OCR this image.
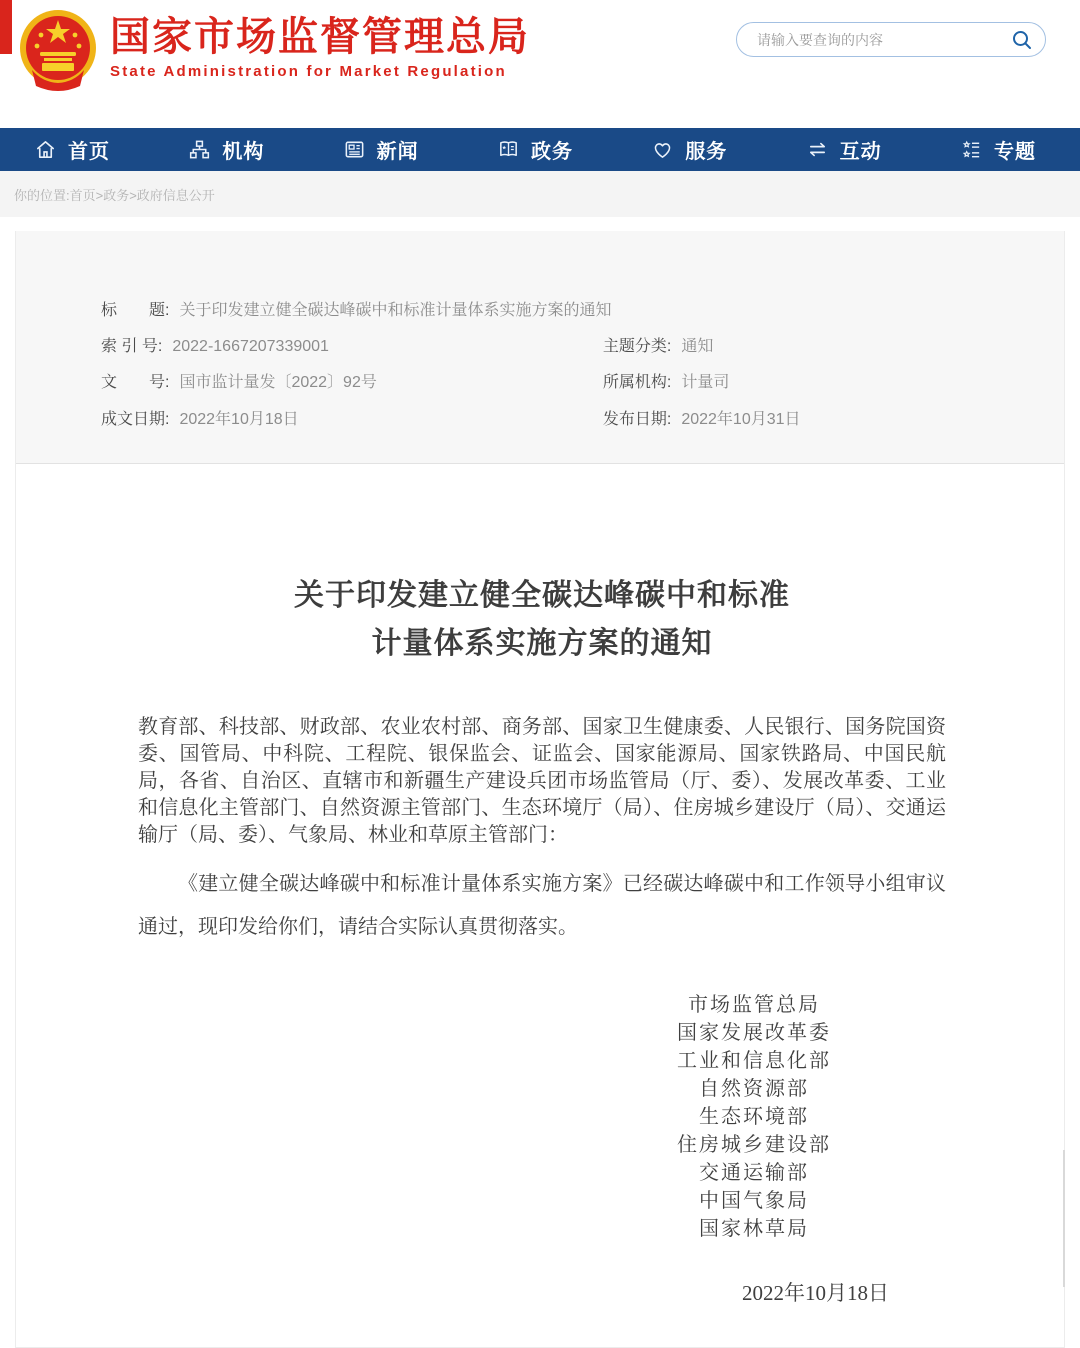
国家市场监督管理总局
State Administration for Market Regulation
请输入要查询的内容
首页	机构	新闻	政务	服务	互动	专题
你的位置:首页>政务>政府信息公开
标　　题: 关于印发建立健全碳达峰碳中和标准计量体系实施方案的通知
索 引 号: 2022-1667207339001	主题分类: 通知
文　　号: 国市监计量发〔2022〕92号	所属机构: 计量司
成文日期: 2022年10月18日	发布日期: 2022年10月31日
关于印发建立健全碳达峰碳中和标准
计量体系实施方案的通知

教育部、科技部、财政部、农业农村部、商务部、国家卫生健康委、人民银行、国务院国资委、国管局、中科院、工程院、银保监会、证监会、国家能源局、国家铁路局、中国民航局，各省、自治区、直辖市和新疆生产建设兵团市场监管局（厅、委）、发展改革委、工业和信息化主管部门、自然资源主管部门、生态环境厅（局）、住房城乡建设厅（局）、交通运输厅（局、委）、气象局、林业和草原主管部门：

《建立健全碳达峰碳中和标准计量体系实施方案》已经碳达峰碳中和工作领导小组审议通过，现印发给你们，请结合实际认真贯彻落实。

市场监管总局
国家发展改革委
工业和信息化部
自然资源部
生态环境部
住房城乡建设部
交通运输部
中国气象局
国家林草局
2022年10月18日
